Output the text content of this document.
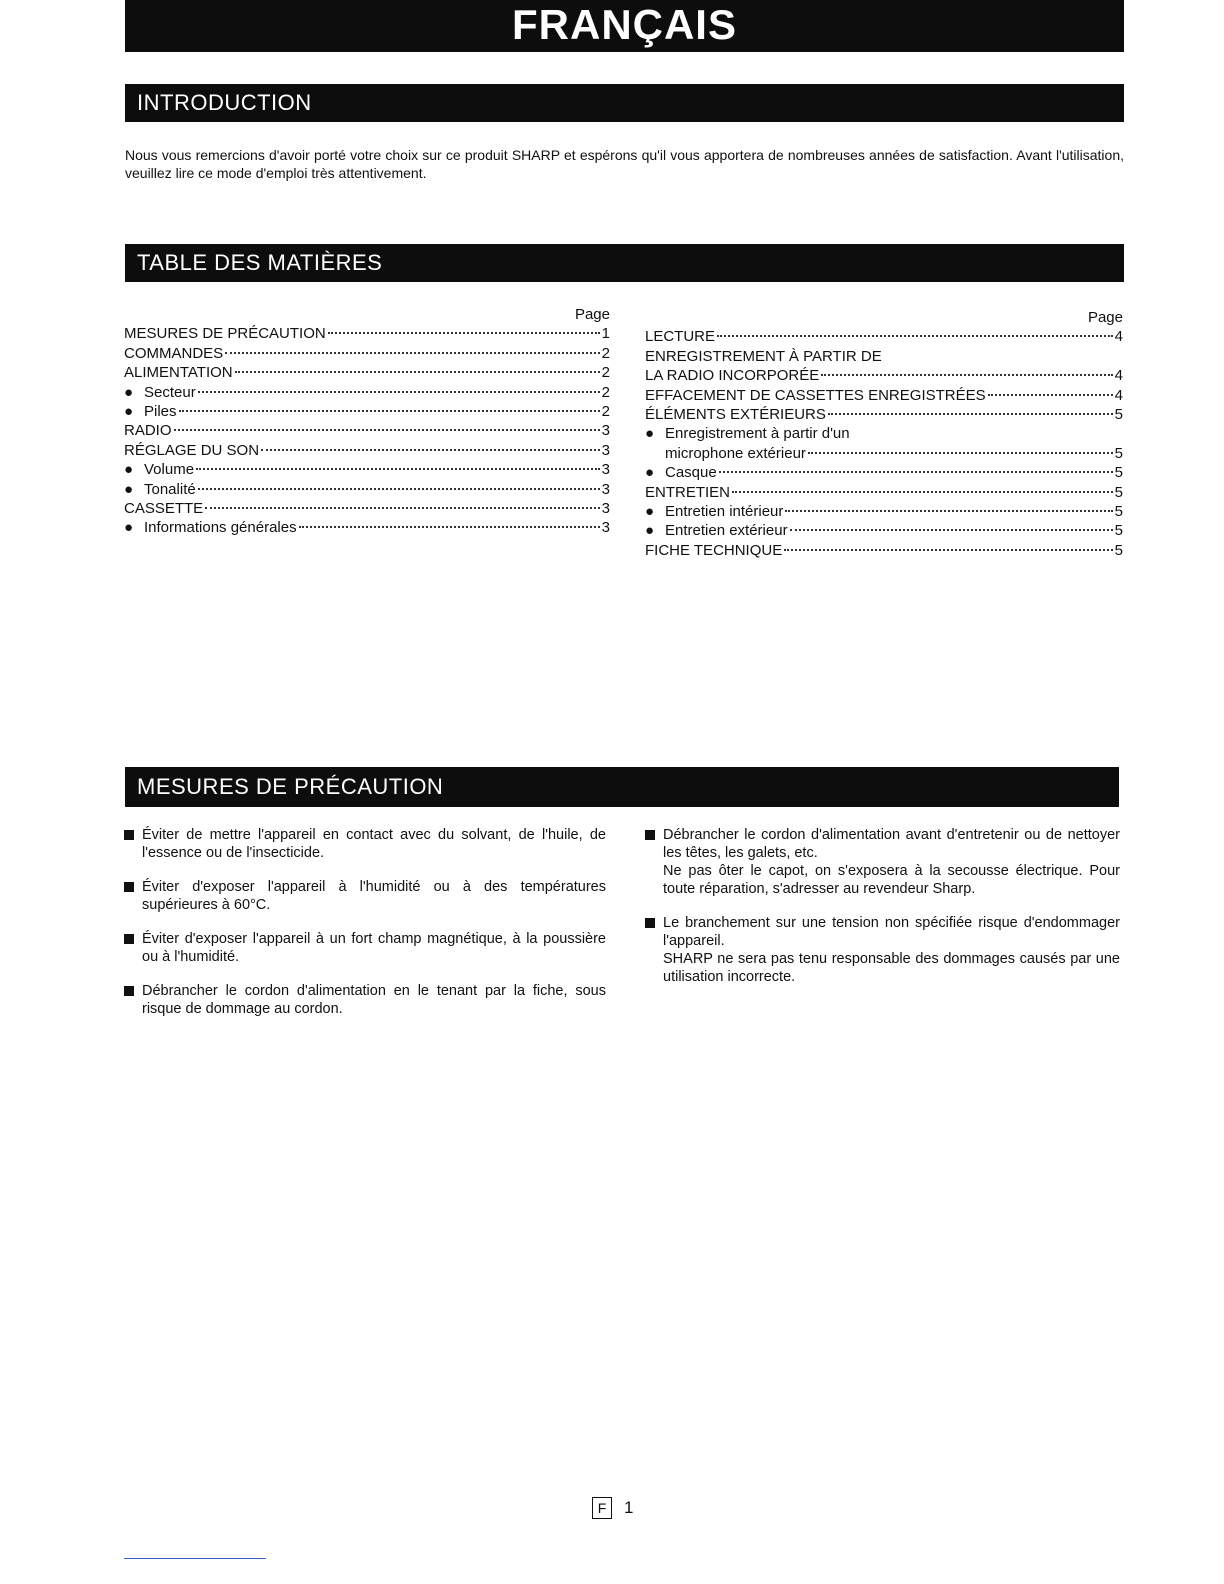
FRANÇAIS
INTRODUCTION

Nous vous remercions d'avoir porté votre choix sur ce produit SHARP et espérons qu'il vous apportera de nombreuses années de satisfaction. Avant l'utilisation, veuillez lire ce mode d'emploi très attentivement.

TABLE DES MATIÈRES
Page
MESURES DE PRÉCAUTION	1
COMMANDES	2
ALIMENTATION	2
● Secteur	2
● Piles	2
RADIO	3
RÉGLAGE DU SON	3
● Volume	3
● Tonalité	3
CASSETTE	3
● Informations générales	3
Page
LECTURE	4
ENREGISTREMENT À PARTIR DE
LA RADIO INCORPORÉE	4
EFFACEMENT DE CASSETTES ENREGISTRÉES	4
ÉLÉMENTS EXTÉRIEURS	5
● Enregistrement à partir d'un
microphone extérieur	5
● Casque	5
ENTRETIEN	5
● Entretien intérieur	5
● Entretien extérieur	5
FICHE TECHNIQUE	5
MESURES DE PRÉCAUTION

Éviter de mettre l'appareil en contact avec du solvant, de l'huile, de l'essence ou de l'insecticide.

Éviter d'exposer l'appareil à l'humidité ou à des températures supérieures à 60°C.

Éviter d'exposer l'appareil à un fort champ magnétique, à la poussière ou à l'humidité.

Débrancher le cordon d'alimentation en le tenant par la fiche, sous risque de dommage au cordon.

Débrancher le cordon d'alimentation avant d'entretenir ou de nettoyer les têtes, les galets, etc.

Ne pas ôter le capot, on s'exposera à la secousse électrique. Pour toute réparation, s'adresser au revendeur Sharp.

Le branchement sur une tension non spécifiée risque d'endommager l'appareil.

SHARP ne sera pas tenu responsable des dommages causés par une utilisation incorrecte.

F	1
